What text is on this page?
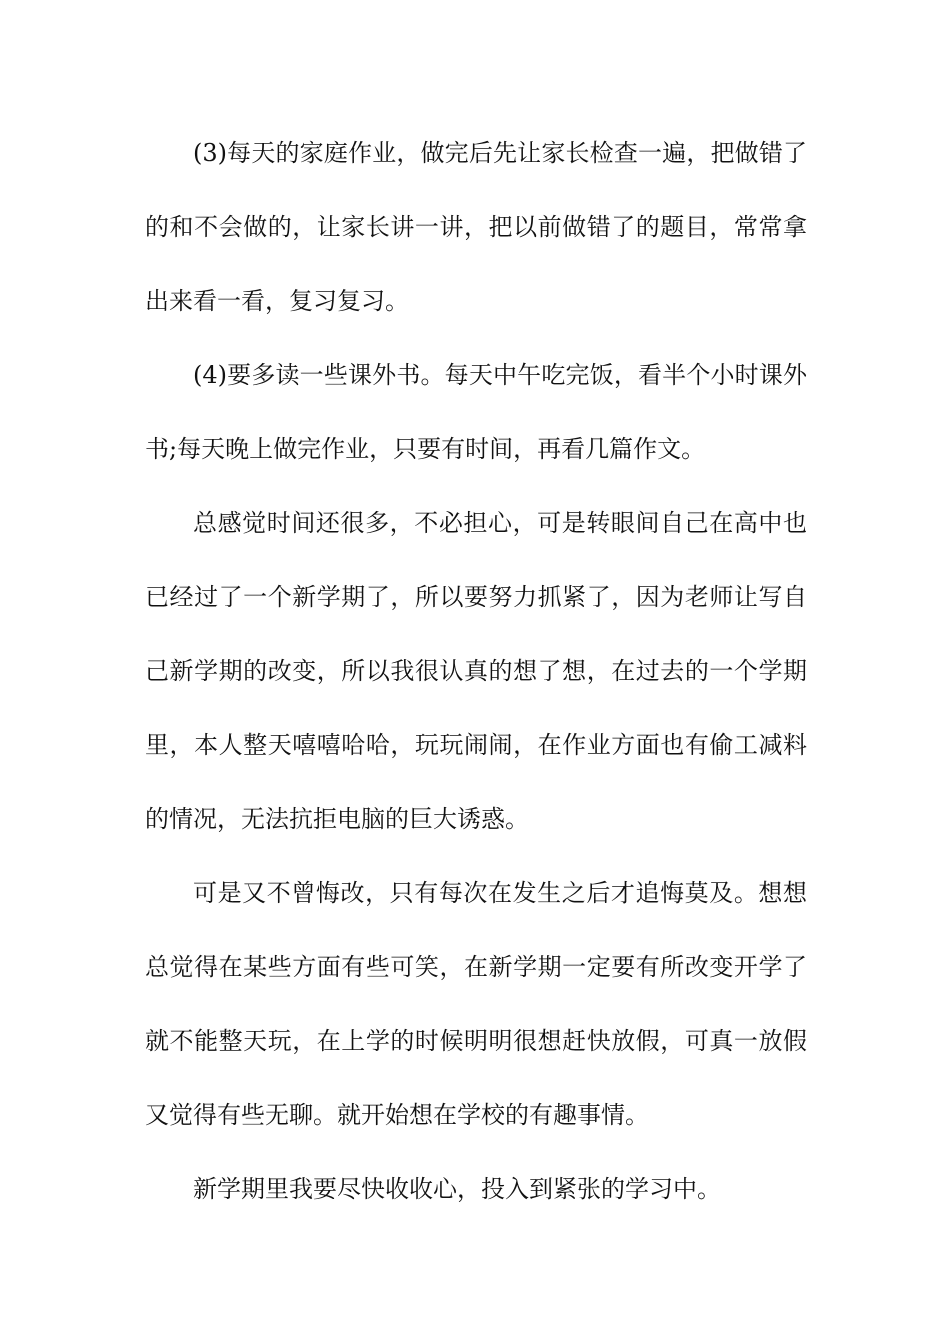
(3)每天的家庭作业，做完后先让家长检查一遍，把做错了的和不会做的，让家长讲一讲，把以前做错了的题目，常常拿出来看一看，复习复习。

(4)要多读一些课外书。每天中午吃完饭，看半个小时课外书;每天晚上做完作业，只要有时间，再看几篇作文。

总感觉时间还很多，不必担心，可是转眼间自己在高中也已经过了一个新学期了，所以要努力抓紧了，因为老师让写自己新学期的改变，所以我很认真的想了想，在过去的一个学期里，本人整天嘻嘻哈哈，玩玩闹闹，在作业方面也有偷工减料的情况，无法抗拒电脑的巨大诱惑。

可是又不曾悔改，只有每次在发生之后才追悔莫及。想想总觉得在某些方面有些可笑，在新学期一定要有所改变开学了就不能整天玩，在上学的时候明明很想赶快放假，可真一放假又觉得有些无聊。就开始想在学校的有趣事情。

新学期里我要尽快收收心，投入到紧张的学习中。
